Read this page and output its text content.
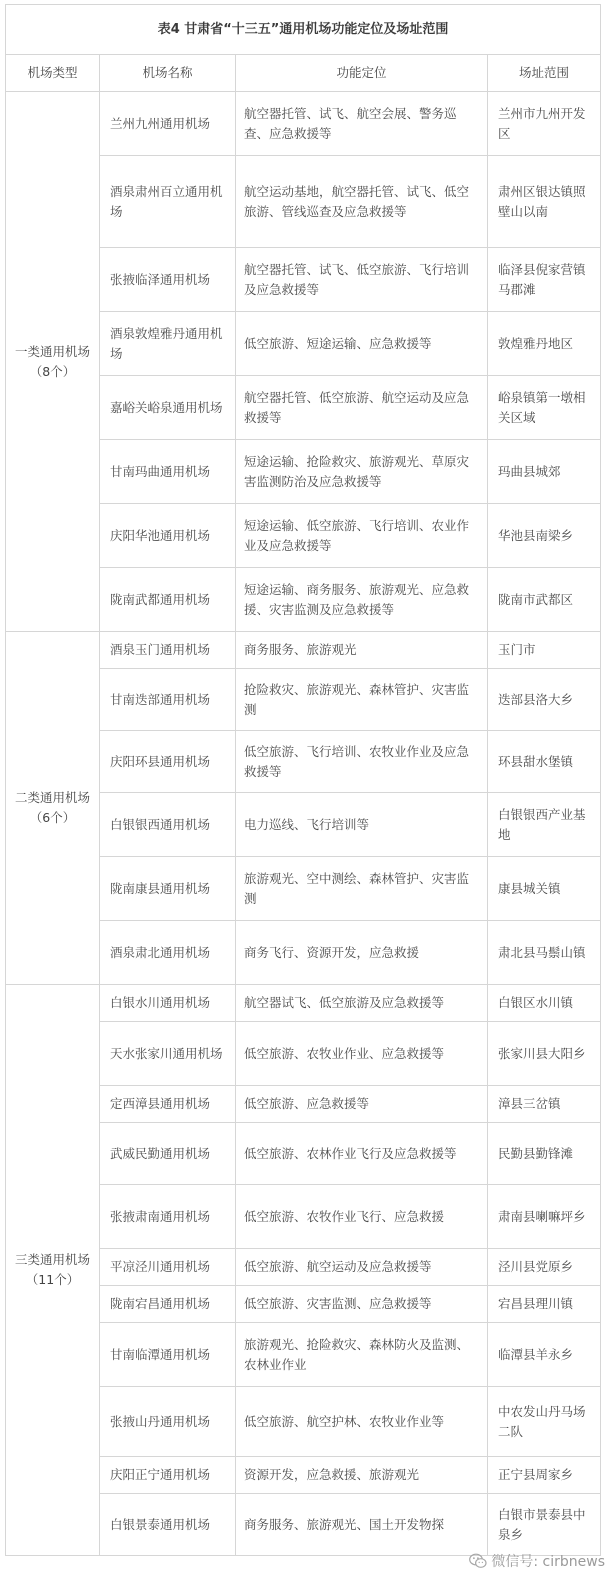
表4 甘肃省“十三五”通用机场功能定位及场址范围			
机场类型	机场名称	功能定位	场址范围
一类通用机场（8个）	兰州九州通用机场	航空器托管、试飞、航空会展、警务巡查、应急救援等	兰州市九州开发区
	酒泉肃州百立通用机场	航空运动基地，航空器托管、试飞、低空旅游、管线巡查及应急救援等	肃州区银达镇照壁山以南
	张掖临泽通用机场	航空器托管、试飞、低空旅游、飞行培训及应急救援等	临泽县倪家营镇马郡滩
	酒泉敦煌雅丹通用机场	低空旅游、短途运输、应急救援等	敦煌雅丹地区
	嘉峪关峪泉通用机场	航空器托管、低空旅游、航空运动及应急救援等	峪泉镇第一墩相关区域
	甘南玛曲通用机场	短途运输、抢险救灾、旅游观光、草原灾害监测防治及应急救援等	玛曲县城郊
	庆阳华池通用机场	短途运输、低空旅游、飞行培训、农业作业及应急救援等	华池县南梁乡
	陇南武都通用机场	短途运输、商务服务、旅游观光、应急救援、灾害监测及应急救援等	陇南市武都区
二类通用机场（6个）	酒泉玉门通用机场	商务服务、旅游观光	玉门市
	甘南迭部通用机场	抢险救灾、旅游观光、森林管护、灾害监测	迭部县洛大乡
	庆阳环县通用机场	低空旅游、飞行培训、农牧业作业及应急救援等	环县甜水堡镇
	白银银西通用机场	电力巡线、飞行培训等	白银银西产业基地
	陇南康县通用机场	旅游观光、空中测绘、森林管护、灾害监测	康县城关镇
	酒泉肃北通用机场	商务飞行、资源开发，应急救援	肃北县马鬃山镇
三类通用机场（11个）	白银水川通用机场	航空器试飞、低空旅游及应急救援等	白银区水川镇
	天水张家川通用机场	低空旅游、农牧业作业、应急救援等	张家川县大阳乡
	定西漳县通用机场	低空旅游、应急救援等	漳县三岔镇
	武威民勤通用机场	低空旅游、农林作业飞行及应急救援等	民勤县勤锋滩
	张掖肃南通用机场	低空旅游、农牧作业飞行、应急救援	肃南县喇嘛坪乡
	平凉泾川通用机场	低空旅游、航空运动及应急救援等	泾川县党原乡
	陇南宕昌通用机场	低空旅游、灾害监测、应急救援等	宕昌县理川镇
	甘南临潭通用机场	旅游观光、抢险救灾、森林防火及监测、农林业作业	临潭县羊永乡
	张掖山丹通用机场	低空旅游、航空护林、农牧业作业等	中农发山丹马场二队
	庆阳正宁通用机场	资源开发，应急救援、旅游观光	正宁县周家乡
	白银景泰通用机场	商务服务、旅游观光、国土开发物探	白银市景泰县中泉乡
微信号: cirbnews
